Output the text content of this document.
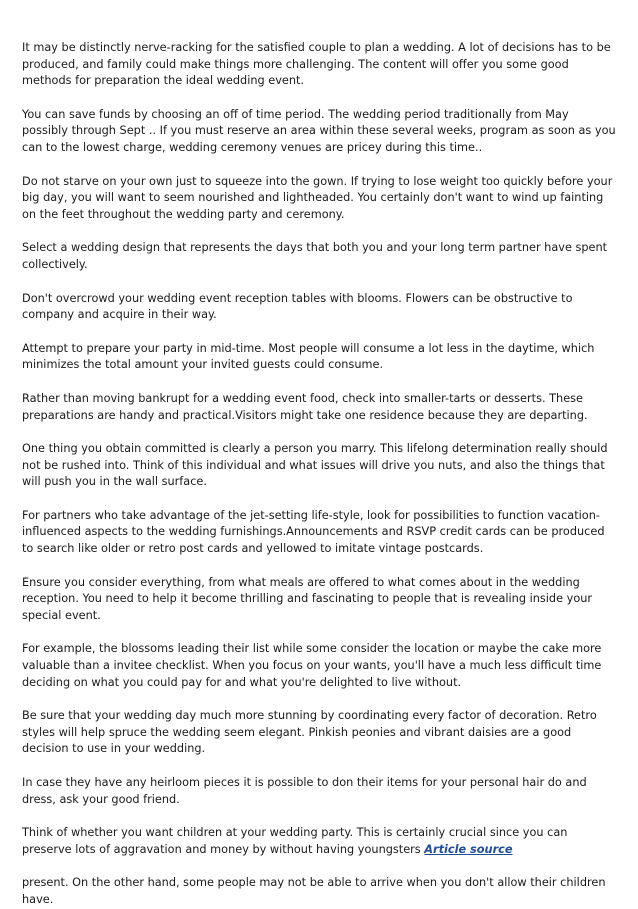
It may be distinctly nerve-racking for the satisfied couple to plan a wedding. A lot of decisions has to be produced, and family could make things more challenging. The content will offer you some good methods for preparation the ideal wedding event.

You can save funds by choosing an off of time period. The wedding period traditionally from May possibly through Sept .. If you must reserve an area within these several weeks, program as soon as you can to the lowest charge, wedding ceremony venues are pricey during this time..

Do not starve on your own just to squeeze into the gown. If trying to lose weight too quickly before your big day, you will want to seem nourished and lightheaded. You certainly don't want to wind up fainting on the feet throughout the wedding party and ceremony.

Select a wedding design that represents the days that both you and your long term partner have spent collectively.

Don't overcrowd your wedding event reception tables with blooms. Flowers can be obstructive to company and acquire in their way.

Attempt to prepare your party in mid-time. Most people will consume a lot less in the daytime, which minimizes the total amount your invited guests could consume.

Rather than moving bankrupt for a wedding event food, check into smaller-tarts or desserts. These preparations are handy and practical.Visitors might take one residence because they are departing.

One thing you obtain committed is clearly a person you marry. This lifelong determination really should not be rushed into. Think of this individual and what issues will drive you nuts, and also the things that will push you in the wall surface.

For partners who take advantage of the jet-setting life-style, look for possibilities to function vacation-influenced aspects to the wedding furnishings.Announcements and RSVP credit cards can be produced to search like older or retro post cards and yellowed to imitate vintage postcards.

Ensure you consider everything, from what meals are offered to what comes about in the wedding reception. You need to help it become thrilling and fascinating to people that is revealing inside your special event.

For example, the blossoms leading their list while some consider the location or maybe the cake more valuable than a invitee checklist. When you focus on your wants, you'll have a much less difficult time deciding on what you could pay for and what you're delighted to live without.

Be sure that your wedding day much more stunning by coordinating every factor of decoration. Retro styles will help spruce the wedding seem elegant. Pinkish peonies and vibrant daisies are a good decision to use in your wedding.

In case they have any heirloom pieces it is possible to don their items for your personal hair do and dress, ask your good friend.

Think of whether you want children at your wedding party. This is certainly crucial since you can preserve lots of aggravation and money by without having youngsters Article source

present. On the other hand, some people may not be able to arrive when you don't allow their children have.
